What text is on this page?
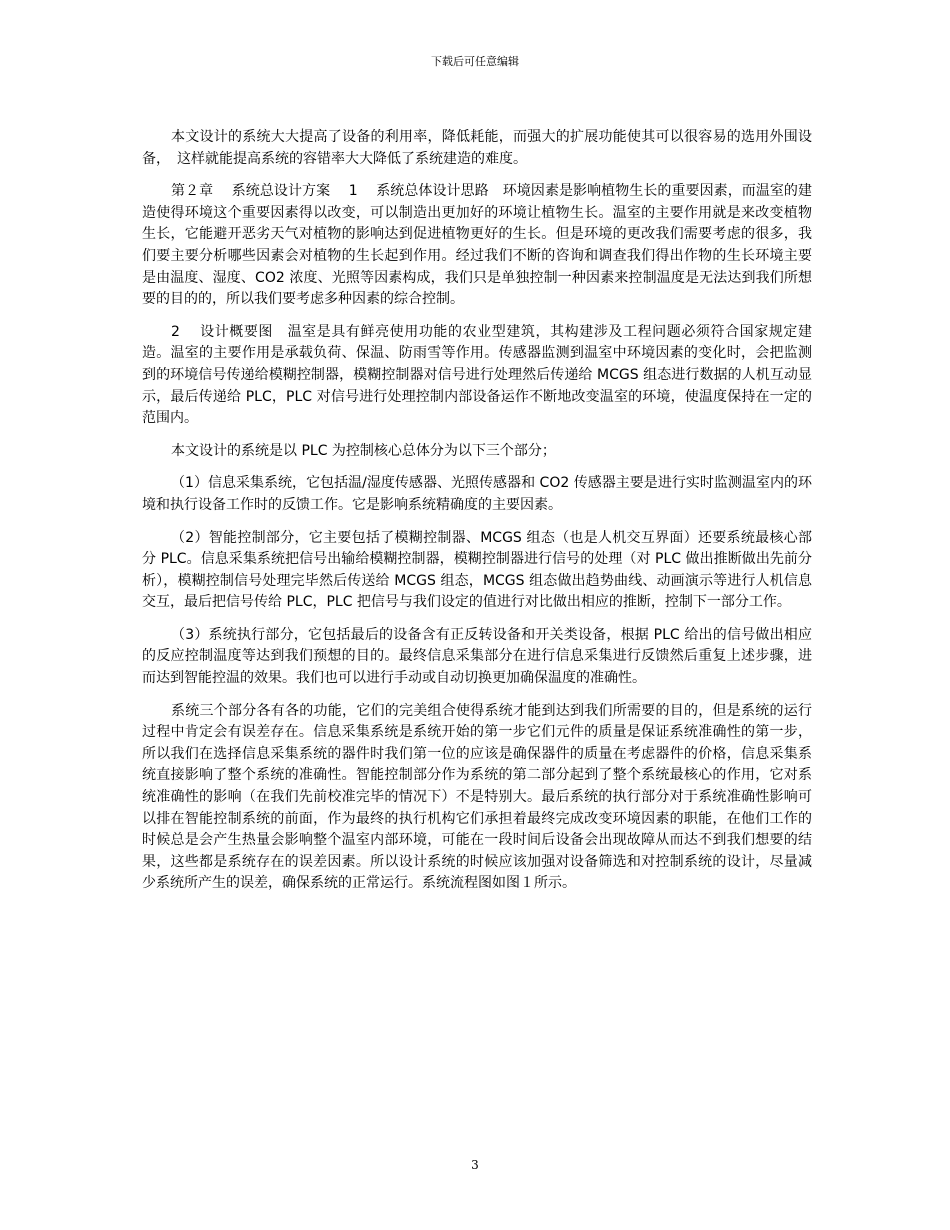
下载后可任意编辑

本文设计的系统大大提高了设备的利用率，降低耗能，而强大的扩展功能使其可以很容易的选用外围设备，　这样就能提高系统的容错率大大降低了系统建造的难度。

第２章　 系统总设计方案　 1　 系统总体设计思路　环境因素是影响植物生长的重要因素，而温室的建造使得环境这个重要因素得以改变，可以制造出更加好的环境让植物生长。温室的主要作用就是来改变植物生长，它能避开恶劣天气对植物的影响达到促进植物更好的生长。但是环境的更改我们需要考虑的很多，我们要主要分析哪些因素会对植物的生长起到作用。经过我们不断的咨询和调查我们得出作物的生长环境主要是由温度、湿度、CO2 浓度、光照等因素构成，我们只是单独控制一种因素来控制温度是无法达到我们所想要的目的的，所以我们要考虑多种因素的综合控制。

2　 设计概要图　温室是具有鲜亮使用功能的农业型建筑，其构建涉及工程问题必须符合国家规定建造。温室的主要作用是承载负荷、保温、防雨雪等作用。传感器监测到温室中环境因素的变化时，会把监测到的环境信号传递给模糊控制器，模糊控制器对信号进行处理然后传递给 MCGS 组态进行数据的人机互动显示，最后传递给 PLC，PLC 对信号进行处理控制内部设备运作不断地改变温室的环境，使温度保持在一定的范围内。

本文设计的系统是以 PLC 为控制核心总体分为以下三个部分；

（1）信息采集系统，它包括温/湿度传感器、光照传感器和 CO2 传感器主要是进行实时监测温室内的环境和执行设备工作时的反馈工作。它是影响系统精确度的主要因素。

（2）智能控制部分，它主要包括了模糊控制器、MCGS 组态（也是人机交互界面）还要系统最核心部分 PLC。信息采集系统把信号出输给模糊控制器，模糊控制器进行信号的处理（对 PLC 做出推断做出先前分析），模糊控制信号处理完毕然后传送给 MCGS 组态，MCGS 组态做出趋势曲线、动画演示等进行人机信息交互，最后把信号传给 PLC，PLC 把信号与我们设定的值进行对比做出相应的推断，控制下一部分工作。

（3）系统执行部分，它包括最后的设备含有正反转设备和开关类设备，根据 PLC 给出的信号做出相应的反应控制温度等达到我们预想的目的。最终信息采集部分在进行信息采集进行反馈然后重复上述步骤，进而达到智能控温的效果。我们也可以进行手动或自动切换更加确保温度的准确性。

系统三个部分各有各的功能，它们的完美组合使得系统才能到达到我们所需要的目的，但是系统的运行过程中肯定会有误差存在。信息采集系统是系统开始的第一步它们元件的质量是保证系统准确性的第一步，所以我们在选择信息采集系统的器件时我们第一位的应该是确保器件的质量在考虑器件的价格，信息采集系统直接影响了整个系统的准确性。智能控制部分作为系统的第二部分起到了整个系统最核心的作用，它对系统准确性的影响（在我们先前校准完毕的情况下）不是特别大。最后系统的执行部分对于系统准确性影响可以排在智能控制系统的前面，作为最终的执行机构它们承担着最终完成改变环境因素的职能，在他们工作的时候总是会产生热量会影响整个温室内部环境，可能在一段时间后设备会出现故障从而达不到我们想要的结果，这些都是系统存在的误差因素。所以设计系统的时候应该加强对设备筛选和对控制系统的设计，尽量减少系统所产生的误差，确保系统的正常运行。系统流程图如图１所示。

3
